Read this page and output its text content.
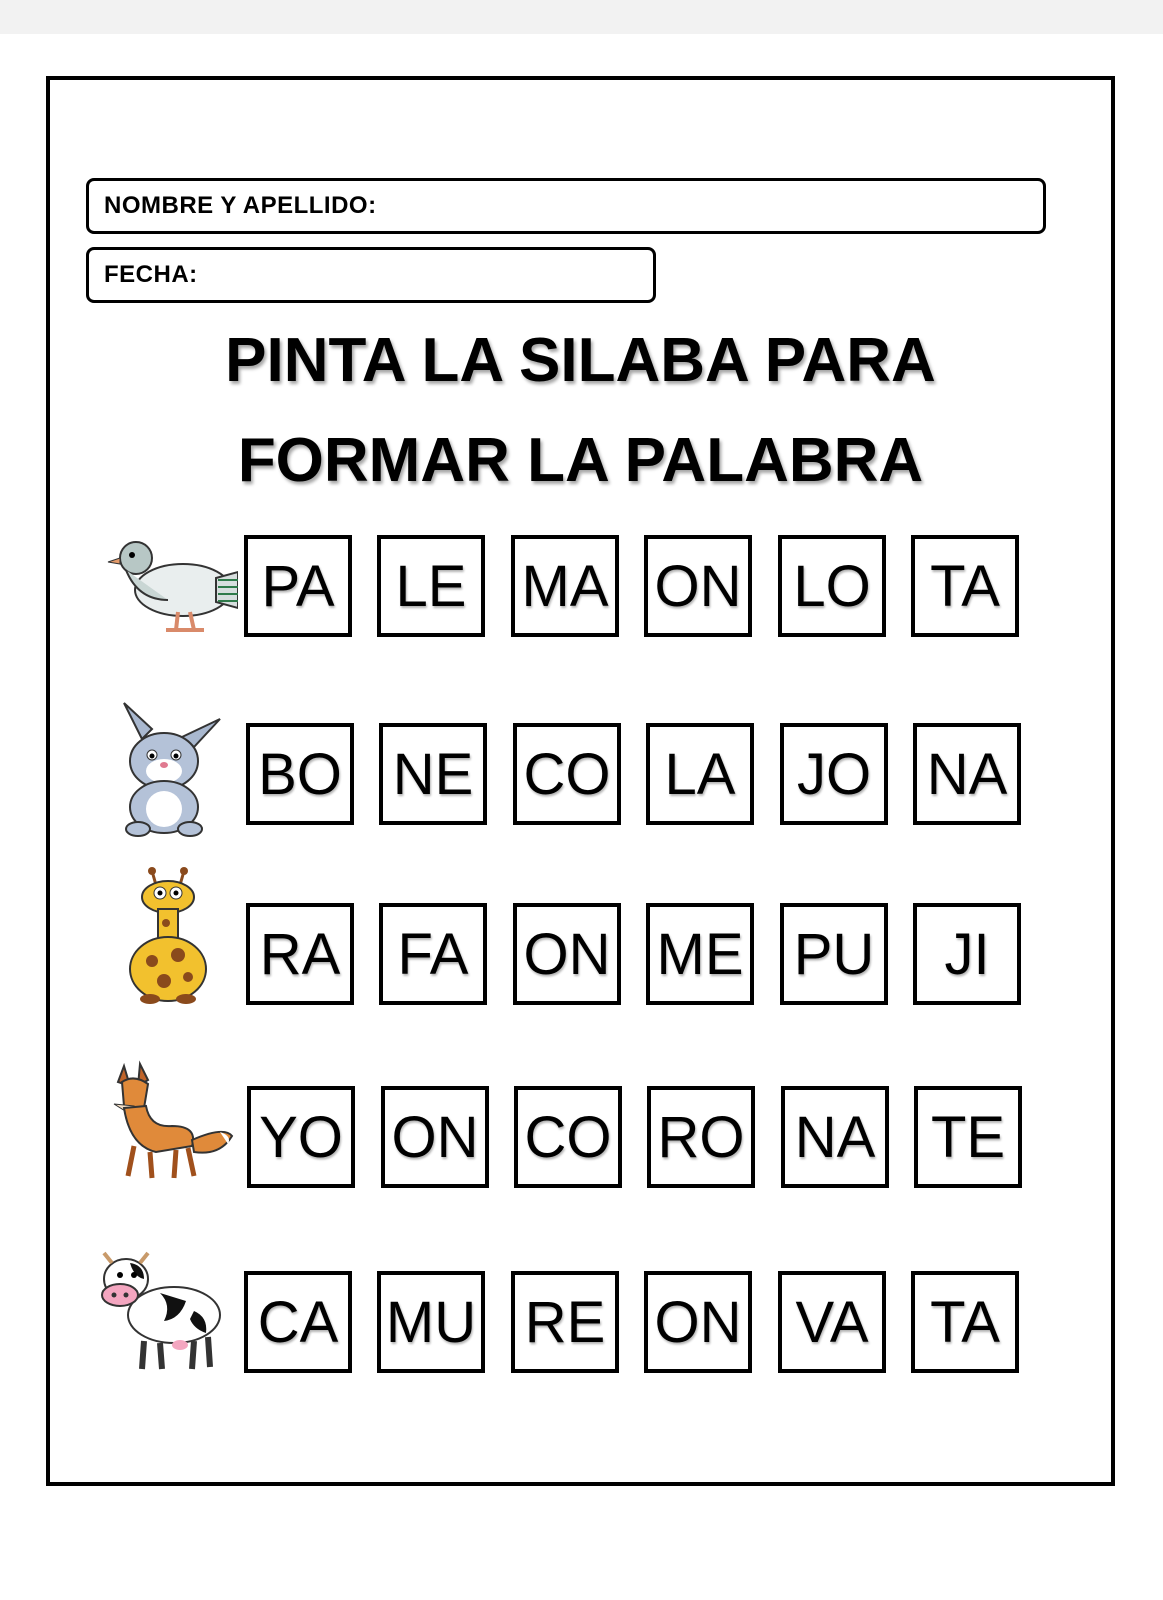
NOMBRE Y APELLIDO:
FECHA:
PINTA LA SILABA PARA
FORMAR LA PALABRA
PA	LE MA ON LO	TA
BO NE CO LA	JO NA
RA FA ON ME PU	JI
YO ON CO RO NA TE
CA MU RE ON VA	TA
